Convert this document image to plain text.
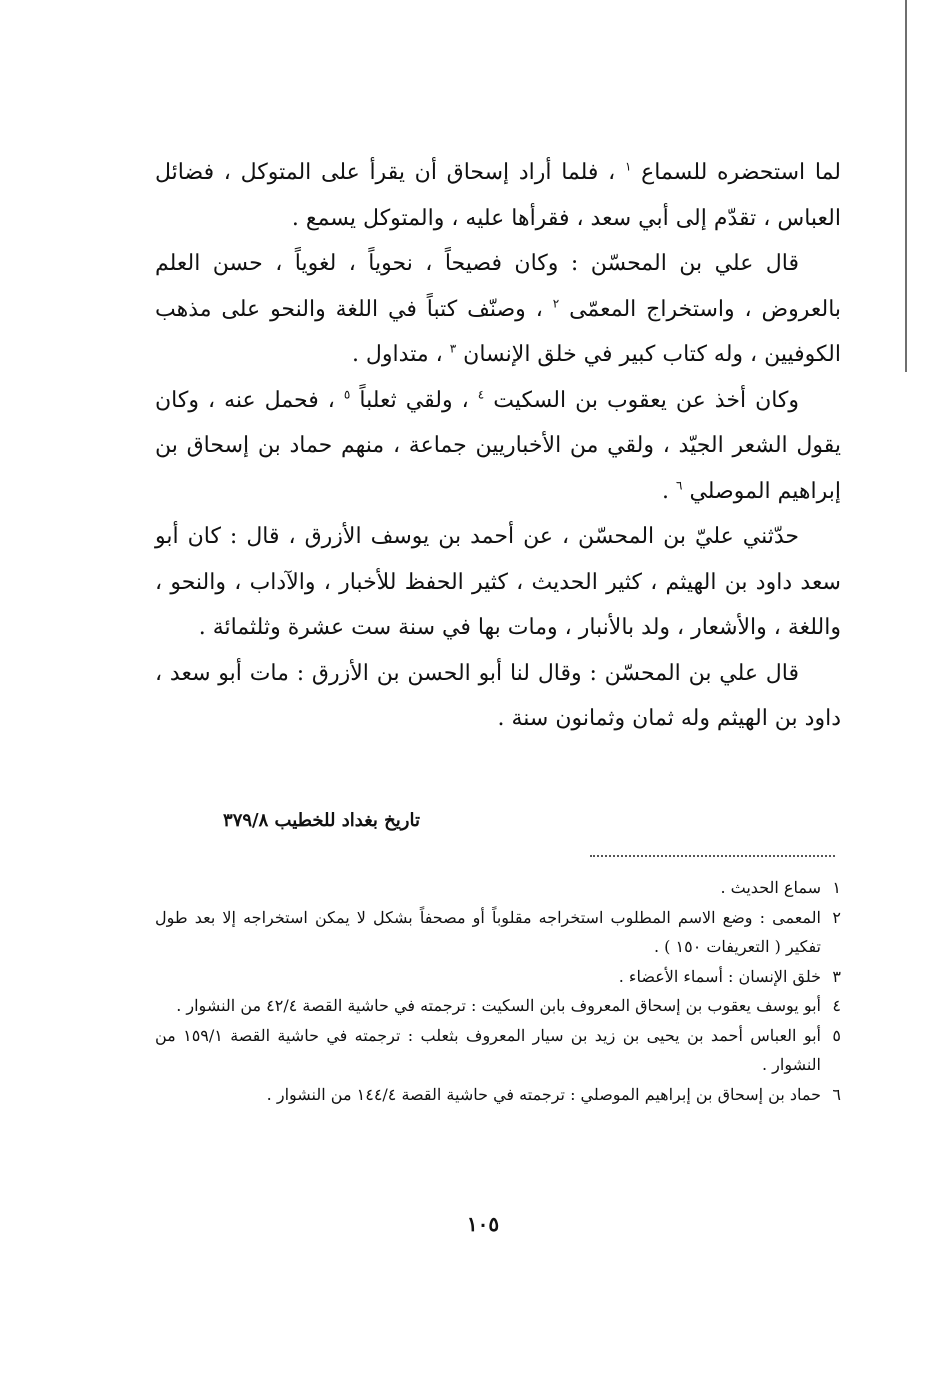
لما استحضره للسماع $^١$ ، فلما أراد إسحاق أن يقرأ على المتوكل ، فضائل العباس ، تقدّم إلى أبي سعد ، فقرأها عليه ، والمتوكل يسمع .

قال علي بن المحسّن : وكان فصيحاً ، نحوياً ، لغوياً ، حسن العلم بالعروض ، واستخراج المعمّى $^٢$ ، وصنّف كتباً في اللغة والنحو على مذهب الكوفيين ، وله كتاب كبير في خلق الإنسان $^٣$ ، متداول .

وكان أخذ عن يعقوب بن السكيت $^٤$ ، ولقي ثعلباً $^٥$ ، فحمل عنه ، وكان يقول الشعر الجيّد ، ولقي من الأخباريين جماعة ، منهم حماد بن إسحاق بن إبراهيم الموصلي $^٦$ .

حدّثني عليّ بن المحسّن ، عن أحمد بن يوسف الأزرق ، قال : كان أبو سعد داود بن الهيثم ، كثير الحديث ، كثير الحفظ للأخبار ، والآداب ، والنحو ، واللغة ، والأشعار ، ولد بالأنبار ، ومات بها في سنة ست عشرة وثلثمائة .

قال علي بن المحسّن : وقال لنا أبو الحسن بن الأزرق : مات أبو سعد ، داود بن الهيثم وله ثمان وثمانون سنة .

تاريخ بغداد للخطيب ٣٧٩/٨
١
سماع الحديث .
٢
المعمى : وضع الاسم المطلوب استخراجه مقلوباً أو مصحفاً بشكل لا يمكن استخراجه إلا بعد طول تفكير ( التعريفات ١٥٠ ) .
٣
خلق الإنسان : أسماء الأعضاء .
٤
أبو يوسف يعقوب بن إسحاق المعروف بابن السكيت : ترجمته في حاشية القصة ٤٢/٤ من النشوار .
٥
أبو العباس أحمد بن يحيى بن زيد بن سيار المعروف بثعلب : ترجمته في حاشية القصة ١٥٩/١ من النشوار .
٦
حماد بن إسحاق بن إبراهيم الموصلي : ترجمته في حاشية القصة ١٤٤/٤ من النشوار .
١٠٥
